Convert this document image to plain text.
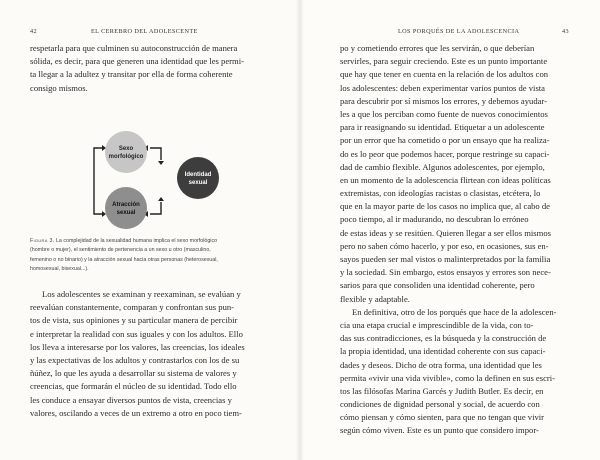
42	EL CEREBRO DEL ADOLESCENTE
respetarla para que culminen su autoconstrucción de manera
sólida, es decir, para que generen una identidad que les permi-
ta llegar a la adultez y transitar por ella de forma coherente
consigo mismos.
Sexo
morfológico
Identidad
sexual
Atracción
sexual
Figura 3. La complejidad de la sexualidad humana implica el sexo morfológico
(hombre o mujer), el sentimiento de pertenencia a un sexo u otro (masculino,
femenino o no binario) y la atracción sexual hacia otras personas (heterosexual,
homosexual, bisexual...).
Los adolescentes se examinan y reexaminan, se evalúan y
reevalúan constantemente, comparan y confrontan sus pun-
tos de vista, sus opiniones y su particular manera de percibir
e interpretar la realidad con sus iguales y con los adultos. Ello
los lleva a interesarse por los valores, las creencias, los ideales
y las expectativas de los adultos y contrastarlos con los de su
ñúñez, lo que les ayuda a desarrollar su sistema de valores y
creencias, que formarán el núcleo de su identidad. Todo ello
les conduce a ensayar diversos puntos de vista, creencias y
valores, oscilando a veces de un extremo a otro en poco tiem-
LOS PORQUÉS DE LA ADOLESCENCIA	43
po y cometiendo errores que les servirán, o que deberían
servirles, para seguir creciendo. Este es un punto importante
que hay que tener en cuenta en la relación de los adultos con
los adolescentes: deben experimentar varios puntos de vista
para descubrir por sí mismos los errores, y debemos ayudar-
les a que los perciban como fuente de nuevos conocimientos
para ir reasignando su identidad. Etiquetar a un adolescente
por un error que ha cometido o por un ensayo que ha realiza-
do es lo peor que podemos hacer, porque restringe su capaci-
dad de cambio flexible. Algunos adolescentes, por ejemplo,
en un momento de la adolescencia flirtean con ideas políticas
extremistas, con ideologías racistas o clasistas, etcétera, lo
que en la mayor parte de los casos no implica que, al cabo de
poco tiempo, al ir madurando, no descubran lo erróneo
de estas ideas y se resitúen. Quieren llegar a ser ellos mismos
pero no saben cómo hacerlo, y por eso, en ocasiones, sus en-
sayos pueden ser mal vistos o malinterpretados por la familia
y la sociedad. Sin embargo, estos ensayos y errores son nece-
sarios para que consoliden una identidad coherente, pero
flexible y adaptable.
En definitiva, otro de los porqués que hace de la adolescen-
cia una etapa crucial e imprescindible de la vida, con to-
das sus contradicciones, es la búsqueda y la construcción de
la propia identidad, una identidad coherente con sus capaci-
dades y deseos. Dicho de otra forma, una identidad que les
permita «vivir una vida vivible», como la definen en sus escri-
tos las filósofas Marina Garcés y Judith Butler. Es decir, en
condiciones de dignidad personal y social, de acuerdo con
cómo piensan y cómo sienten, para que no tengan que vivir
según cómo viven. Este es un punto que considero impor-
